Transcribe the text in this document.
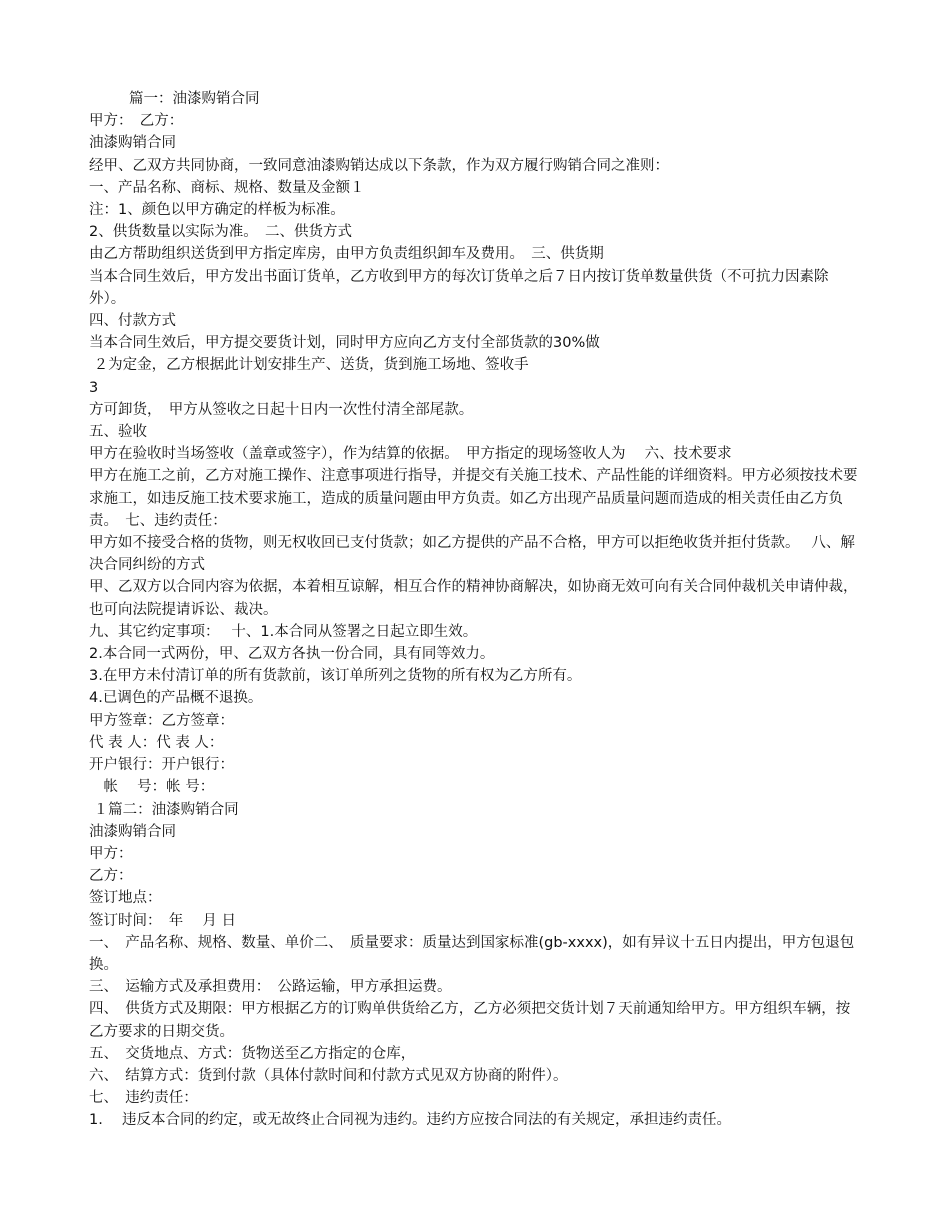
篇一：油漆购销合同

甲方：　乙方：

油漆购销合同

经甲、乙双方共同协商，一致同意油漆购销达成以下条款，作为双方履行购销合同之准则：

一、产品名称、商标、规格、数量及金额１

注：1、颜色以甲方确定的样板为标准。

2、供货数量以实际为准。　二、供货方式

由乙方帮助组织送货到甲方指定库房，由甲方负责组织卸车及费用。　三、供货期

当本合同生效后，甲方发出书面订货单，乙方收到甲方的每次订货单之后７日内按订货单数量供货（不可抗力因素除外）。

四、付款方式

当本合同生效后，甲方提交要货计划，同时甲方应向乙方支付全部货款的30%做

２为定金，乙方根据此计划安排生产、送货，货到施工场地、签收手

3

方可卸货，　甲方从签收之日起十日内一次性付清全部尾款。

五、验收

甲方在验收时当场签收（盖章或签字），作为结算的依据。　甲方指定的现场签收人为　 六、技术要求

甲方在施工之前，乙方对施工操作、注意事项进行指导，并提交有关施工技术、产品性能的详细资料。甲方必须按技术要求施工，如违反施工技术要求施工，造成的质量问题由甲方负责。如乙方出现产品质量问题而造成的相关责任由乙方负责。　七、违约责任：

甲方如不接受合格的货物，则无权收回已支付货款；如乙方提供的产品不合格，甲方可以拒绝收货并拒付货款。　 八、解决合同纠纷的方式

甲、乙双方以合同内容为依据，本着相互谅解，相互合作的精神协商解决，如协商无效可向有关合同仲裁机关申请仲裁，也可向法院提请诉讼、裁决。

九、其它约定事项：　 十、1.本合同从签署之日起立即生效。

2.本合同一式两份，甲、乙双方各执一份合同，具有同等效力。

3.在甲方未付清订单的所有货款前，该订单所列之货物的所有权为乙方所有。

4.已调色的产品概不退换。

甲方签章：乙方签章：

代 表 人：代 表 人：

开户银行：开户银行：

　帐　 号：帐 号：

１篇二：油漆购销合同

油漆购销合同

甲方：

乙方：

签订地点：

签订时间：　年　 月 日

一、　产品名称、规格、数量、单价二、　质量要求：质量达到国家标准(gb-xxxx)，如有异议十五日内提出，甲方包退包换。

三、　运输方式及承担费用：　公路运输，甲方承担运费。

四、　供货方式及期限：甲方根据乙方的订购单供货给乙方，乙方必须把交货计划７天前通知给甲方。甲方组织车辆，按乙方要求的日期交货。

五、　交货地点、方式：货物送至乙方指定的仓库，

六、　结算方式：货到付款（具体付款时间和付款方式见双方协商的附件）。

七、　违约责任：

1.　 违反本合同的约定，或无故终止合同视为违约。违约方应按合同法的有关规定，承担违约责任。
